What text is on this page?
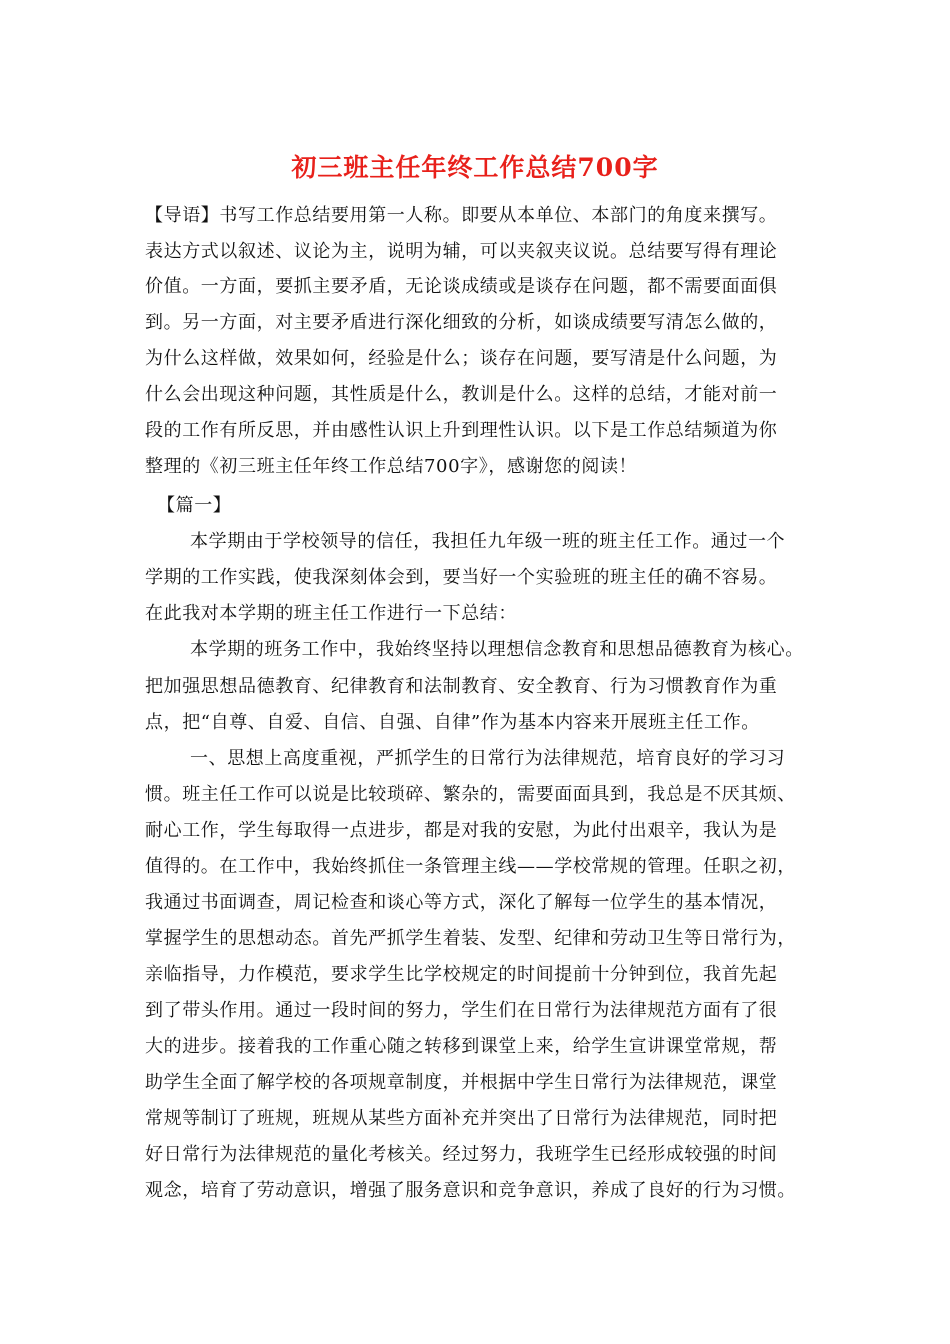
初三班主任年终工作总结700字
【导语】书写工作总结要用第一人称。即要从本单位、本部门的角度来撰写。
表达方式以叙述、议论为主，说明为辅，可以夹叙夹议说。总结要写得有理论
价值。一方面，要抓主要矛盾，无论谈成绩或是谈存在问题，都不需要面面俱
到。另一方面，对主要矛盾进行深化细致的分析，如谈成绩要写清怎么做的，
为什么这样做，效果如何，经验是什么；谈存在问题，要写清是什么问题，为
什么会出现这种问题，其性质是什么，教训是什么。这样的总结，才能对前一
段的工作有所反思，并由感性认识上升到理性认识。以下是工作总结频道为你
整理的《初三班主任年终工作总结700字》，感谢您的阅读！
【篇一】
本学期由于学校领导的信任，我担任九年级一班的班主任工作。通过一个
学期的工作实践，使我深刻体会到，要当好一个实验班的班主任的确不容易。
在此我对本学期的班主任工作进行一下总结：
本学期的班务工作中，我始终坚持以理想信念教育和思想品德教育为核心。
把加强思想品德教育、纪律教育和法制教育、安全教育、行为习惯教育作为重
点，把“自尊、自爱、自信、自强、自律”作为基本内容来开展班主任工作。
一、思想上高度重视，严抓学生的日常行为法律规范，培育良好的学习习
惯。班主任工作可以说是比较琐碎、繁杂的，需要面面具到，我总是不厌其烦、
耐心工作，学生每取得一点进步，都是对我的安慰，为此付出艰辛，我认为是
值得的。在工作中，我始终抓住一条管理主线——学校常规的管理。任职之初，
我通过书面调查，周记检查和谈心等方式，深化了解每一位学生的基本情况，
掌握学生的思想动态。首先严抓学生着装、发型、纪律和劳动卫生等日常行为，
亲临指导，力作模范，要求学生比学校规定的时间提前十分钟到位，我首先起
到了带头作用。通过一段时间的努力，学生们在日常行为法律规范方面有了很
大的进步。接着我的工作重心随之转移到课堂上来，给学生宣讲课堂常规，帮
助学生全面了解学校的各项规章制度，并根据中学生日常行为法律规范，课堂
常规等制订了班规，班规从某些方面补充并突出了日常行为法律规范，同时把
好日常行为法律规范的量化考核关。经过努力，我班学生已经形成较强的时间
观念，培育了劳动意识，增强了服务意识和竞争意识，养成了良好的行为习惯。
